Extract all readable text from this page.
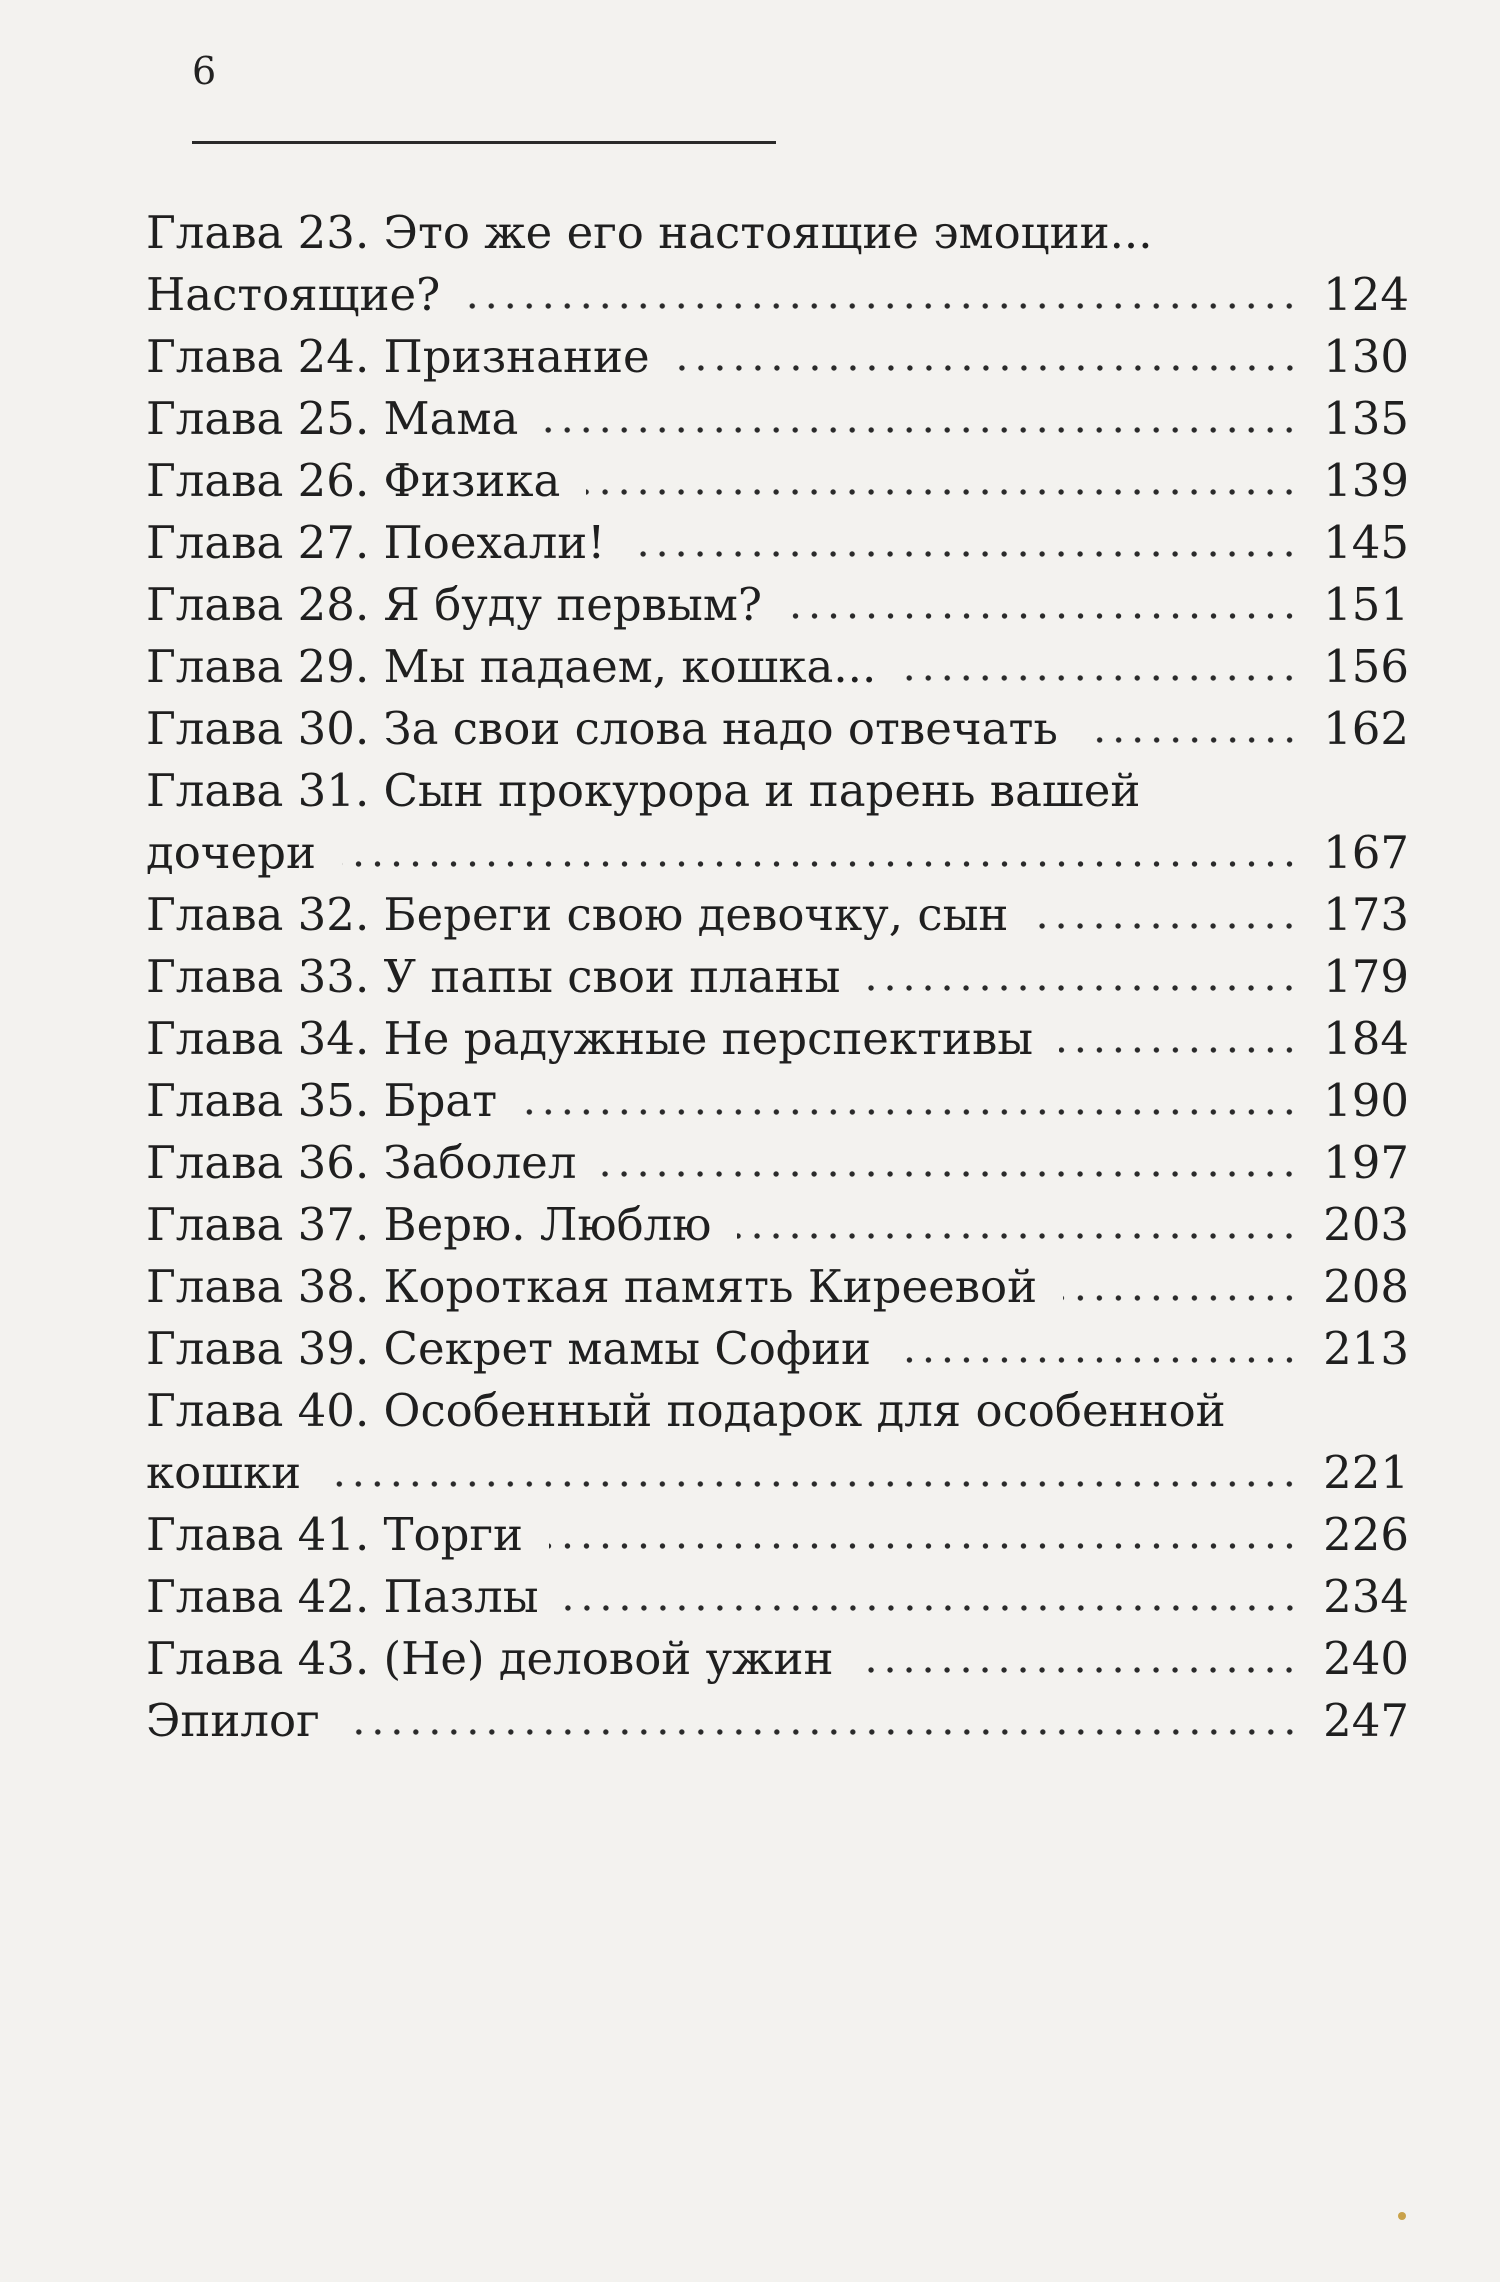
6
Глава 23. Это же его настоящие эмоции...
Настоящие?	124
Глава 24. Признание	130
Глава 25. Мама	135
Глава 26. Физика	139
Глава 27. Поехали!	145
Глава 28. Я буду первым?	151
Глава 29. Мы падаем, кошка...	156
Глава 30. За свои слова надо отвечать	162
Глава 31. Сын прокурора и парень вашей
дочери	167
Глава 32. Береги свою девочку, сын	173
Глава 33. У папы свои планы	179
Глава 34. Не радужные перспективы	184
Глава 35. Брат	190
Глава 36. Заболел	197
Глава 37. Верю. Люблю	203
Глава 38. Короткая память Киреевой	208
Глава 39. Секрет мамы Софии	213
Глава 40. Особенный подарок для особенной
кошки	221
Глава 41. Торги	226
Глава 42. Пазлы	234
Глава 43. (Не) деловой ужин	240
Эпилог	247
